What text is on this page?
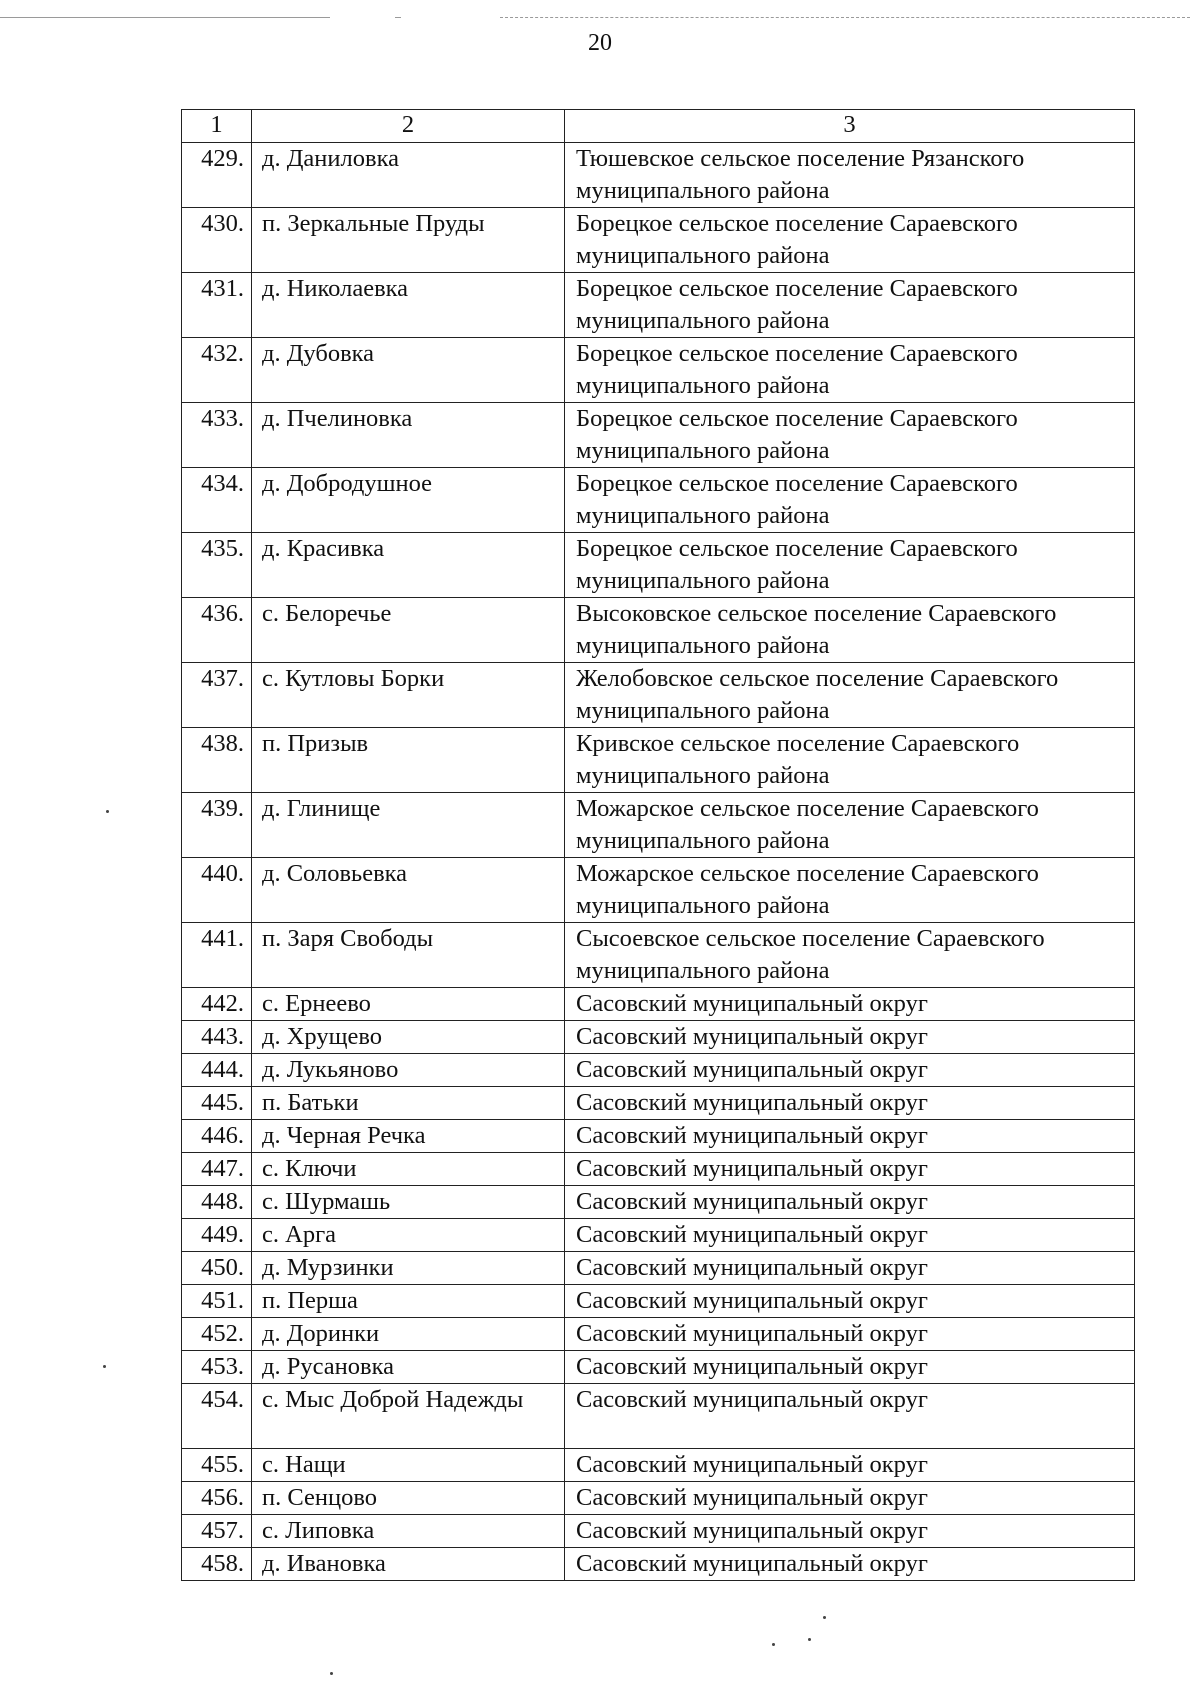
20
1	2	3
429.	д. Даниловка	Тюшевское сельское поселение Рязанского муниципального района
430.	п. Зеркальные Пруды	Борецкое сельское поселение Сараевского муниципального района
431.	д. Николаевка	Борецкое сельское поселение Сараевского муниципального района
432.	д. Дубовка	Борецкое сельское поселение Сараевского муниципального района
433.	д. Пчелиновка	Борецкое сельское поселение Сараевского муниципального района
434.	д. Добродушное	Борецкое сельское поселение Сараевского муниципального района
435.	д. Красивка	Борецкое сельское поселение Сараевского муниципального района
436.	с. Белоречье	Высоковское сельское поселение Сараевского муниципального района
437.	с. Кутловы Борки	Желобовское сельское поселение Сараевского муниципального района
438.	п. Призыв	Кривское сельское поселение Сараевского муниципального района
439.	д. Глинище	Можарское сельское поселение Сараевского муниципального района
440.	д. Соловьевка	Можарское сельское поселение Сараевского муниципального района
441.	п. Заря Свободы	Сысоевское сельское поселение Сараевского муниципального района
442.	с. Ернеево	Сасовский муниципальный округ
443.	д. Хрущево	Сасовский муниципальный округ
444.	д. Лукьяново	Сасовский муниципальный округ
445.	п. Батьки	Сасовский муниципальный округ
446.	д. Черная Речка	Сасовский муниципальный округ
447.	с. Ключи	Сасовский муниципальный округ
448.	с. Шурмашь	Сасовский муниципальный округ
449.	с. Арга	Сасовский муниципальный округ
450.	д. Мурзинки	Сасовский муниципальный округ
451.	п. Перша	Сасовский муниципальный округ
452.	д. Доринки	Сасовский муниципальный округ
453.	д. Русановка	Сасовский муниципальный округ
454.	с. Мыс Доброй Надежды	Сасовский муниципальный округ
455.	с. Нащи	Сасовский муниципальный округ
456.	п. Сенцово	Сасовский муниципальный округ
457.	с. Липовка	Сасовский муниципальный округ
458.	д. Ивановка	Сасовский муниципальный округ
